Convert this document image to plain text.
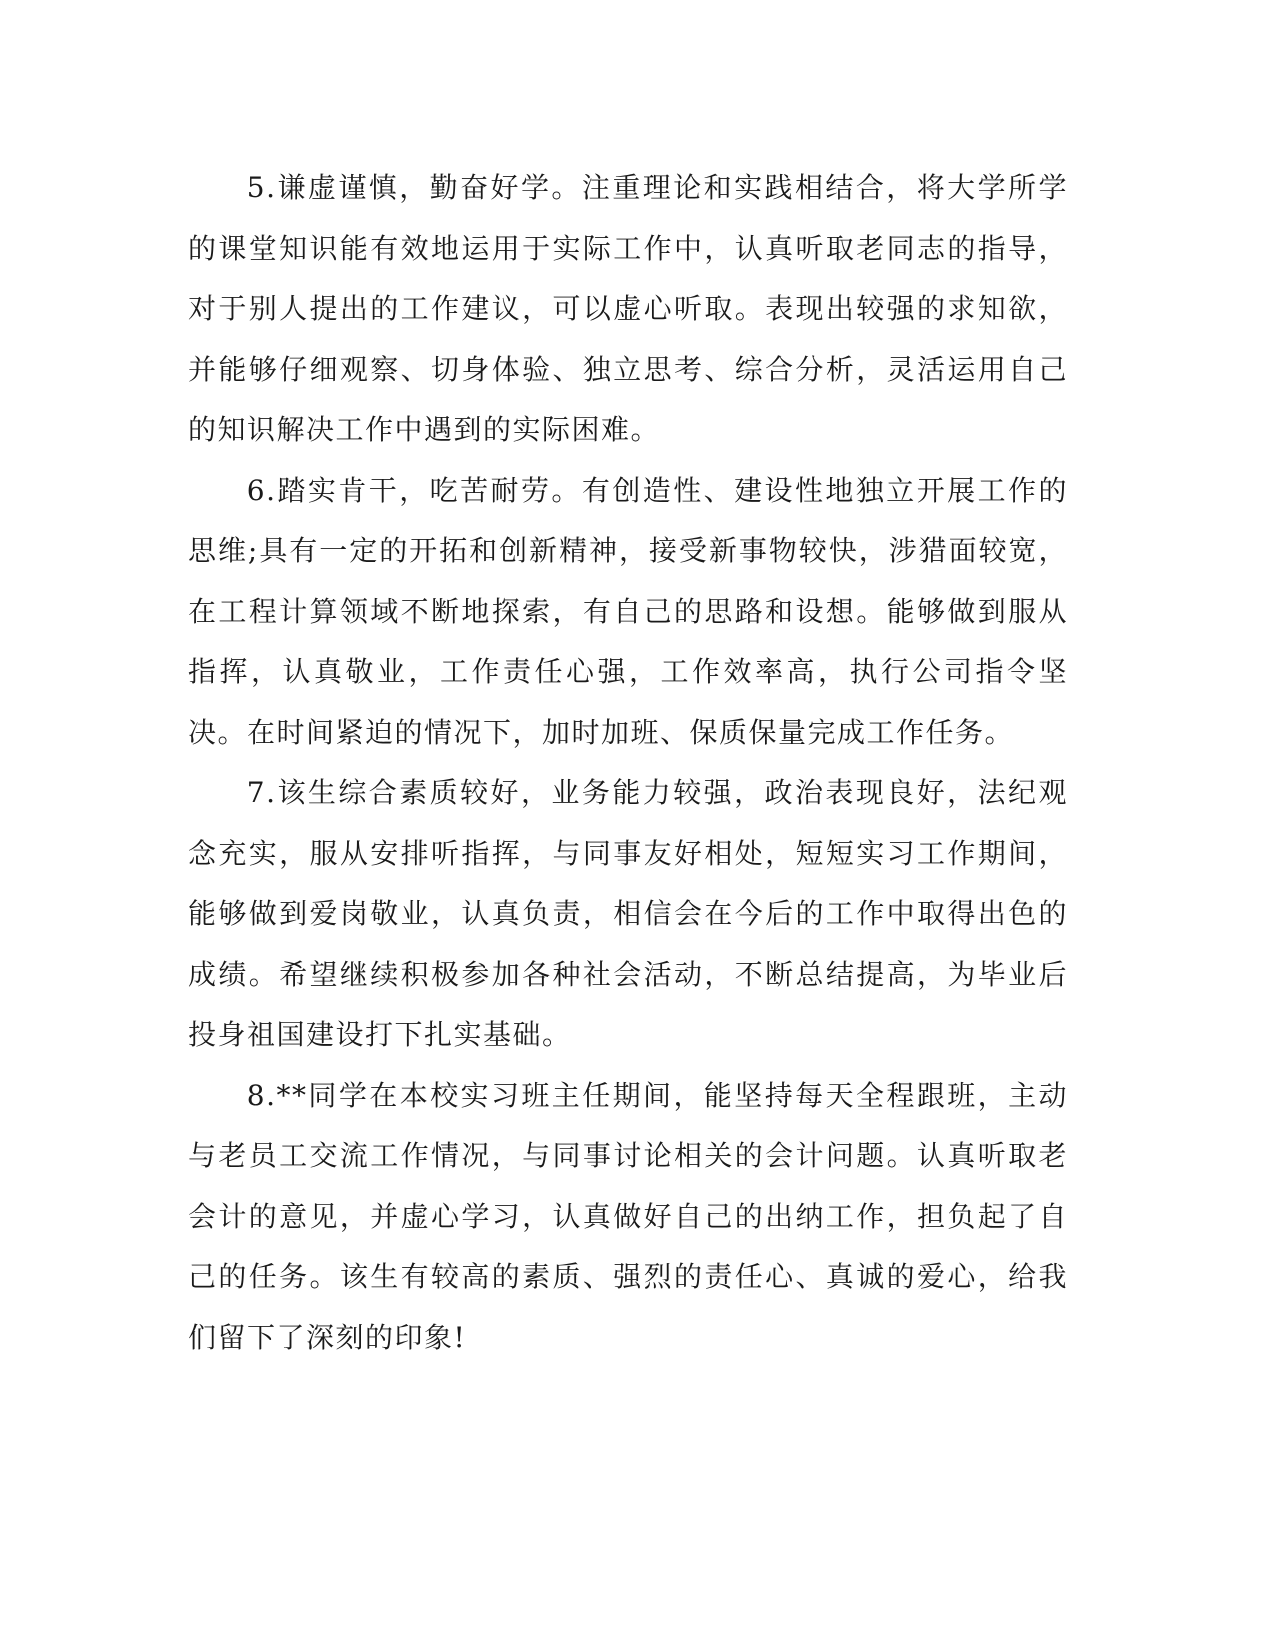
5.谦虚谨慎，勤奋好学。注重理论和实践相结合，将大学所学的课堂知识能有效地运用于实际工作中，认真听取老同志的指导，对于别人提出的工作建议，可以虚心听取。表现出较强的求知欲，并能够仔细观察、切身体验、独立思考、综合分析，灵活运用自己的知识解决工作中遇到的实际困难。

6.踏实肯干，吃苦耐劳。有创造性、建设性地独立开展工作的思维;具有一定的开拓和创新精神，接受新事物较快，涉猎面较宽，在工程计算领域不断地探索，有自己的思路和设想。能够做到服从指挥，认真敬业，工作责任心强，工作效率高，执行公司指令坚决。在时间紧迫的情况下，加时加班、保质保量完成工作任务。

7.该生综合素质较好，业务能力较强，政治表现良好，法纪观念充实，服从安排听指挥，与同事友好相处，短短实习工作期间，能够做到爱岗敬业，认真负责，相信会在今后的工作中取得出色的成绩。希望继续积极参加各种社会活动，不断总结提高，为毕业后投身祖国建设打下扎实基础。

8.**同学在本校实习班主任期间，能坚持每天全程跟班，主动与老员工交流工作情况，与同事讨论相关的会计问题。认真听取老会计的意见，并虚心学习，认真做好自己的出纳工作，担负起了自己的任务。该生有较高的素质、强烈的责任心、真诚的爱心，给我们留下了深刻的印象!
